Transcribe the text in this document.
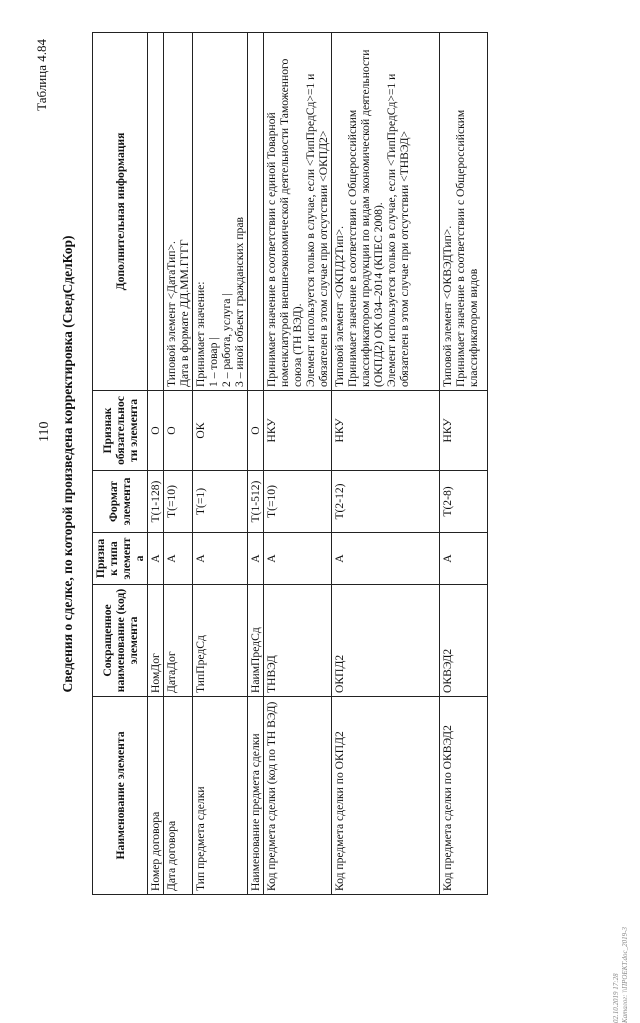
110
Таблица 4.84
Сведения о сделке, по которой произведена корректировка (СведСделКор)
Наименование элемента	Сокращенное наименование (код) элемента	Признак типа элемента	Формат элемента	Признак обязательности элемента	Дополнительная информация
Номер договора	НомДог	А	T(1-128)	О	
Дата договора	ДатаДог	А	T(=10)	О	Типовой элемент <ДатаТип>. Дата в формате ДД.ММ.ГГГГ

Тип предмета сделки	ТипПредСд	А	T(=1)	ОК	Принимает значение: 1 – товар | 2 – работа, услуга | 3 – иной объект гражданских прав

Наименование предмета сделки	НаимПредСд	А	T(1-512)	О	
Код предмета сделки (код по ТН ВЭД)	ТНВЭД	А	T(=10)	НКУ	Принимает значение в соответствии с единой Товарной номенклатурой внешнеэкономической деятельности Таможенного союза (ТН ВЭД). Элемент используется только в случае, если <ТипПредСд>=1 и обязателен в этом случае при отсутствии <ОКПД2>

Код предмета сделки по ОКПД2	ОКПД2	А	T(2-12)	НКУ	Типовой элемент <ОКПД2Тип>. Принимает значение в соответствии с Общероссийским классификатором продукции по видам экономической деятельности (ОКПД2) ОК 034–2014 (КПЕС 2008). Элемент используется только в случае, если <ТипПредСд>=1 и обязателен в этом случае при отсутствии <ТНВЭД>

Код предмета сделки по ОКВЭД2	ОКВЭД2	А	T(2-8)	НКУ	Типовой элемент <ОКВЭДТип>. Принимает значение в соответствии с Общероссийским классификатором видов
02.10.2019 17:28 Каталог: \\ПРОЕКТ.doc_2019-3
